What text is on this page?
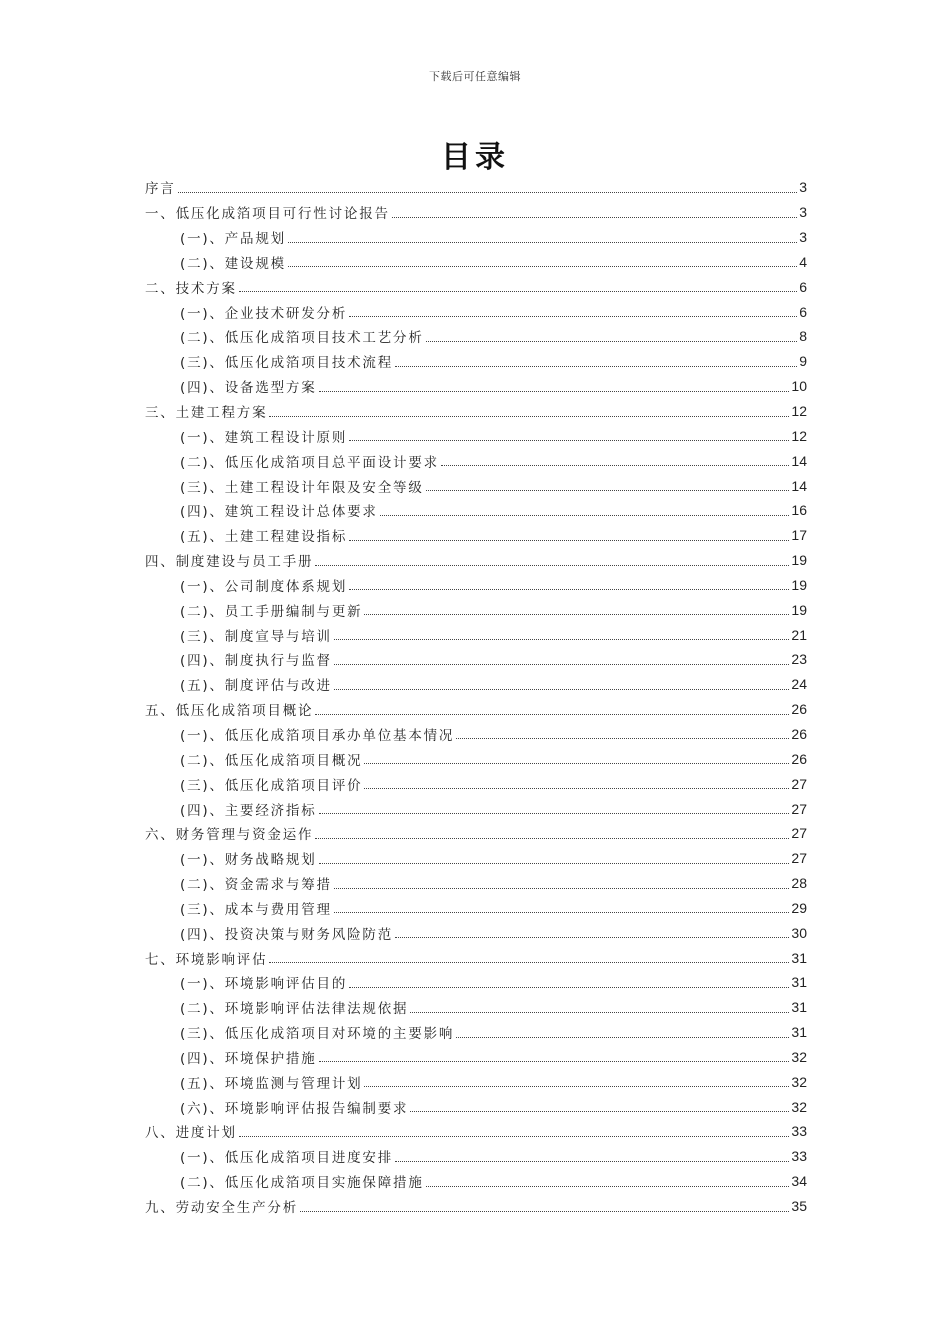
下载后可任意编辑
目录
序言	3
一、低压化成箔项目可行性讨论报告	3
(一)、产品规划	3
(二)、建设规模	4
二、技术方案	6
(一)、企业技术研发分析	6
(二)、低压化成箔项目技术工艺分析	8
(三)、低压化成箔项目技术流程	9
(四)、设备选型方案	10
三、土建工程方案	12
(一)、建筑工程设计原则	12
(二)、低压化成箔项目总平面设计要求	14
(三)、土建工程设计年限及安全等级	14
(四)、建筑工程设计总体要求	16
(五)、土建工程建设指标	17
四、制度建设与员工手册	19
(一)、公司制度体系规划	19
(二)、员工手册编制与更新	19
(三)、制度宣导与培训	21
(四)、制度执行与监督	23
(五)、制度评估与改进	24
五、低压化成箔项目概论	26
(一)、低压化成箔项目承办单位基本情况	26
(二)、低压化成箔项目概况	26
(三)、低压化成箔项目评价	27
(四)、主要经济指标	27
六、财务管理与资金运作	27
(一)、财务战略规划	27
(二)、资金需求与筹措	28
(三)、成本与费用管理	29
(四)、投资决策与财务风险防范	30
七、环境影响评估	31
(一)、环境影响评估目的	31
(二)、环境影响评估法律法规依据	31
(三)、低压化成箔项目对环境的主要影响	31
(四)、环境保护措施	32
(五)、环境监测与管理计划	32
(六)、环境影响评估报告编制要求	32
八、进度计划	33
(一)、低压化成箔项目进度安排	33
(二)、低压化成箔项目实施保障措施	34
九、劳动安全生产分析	35
